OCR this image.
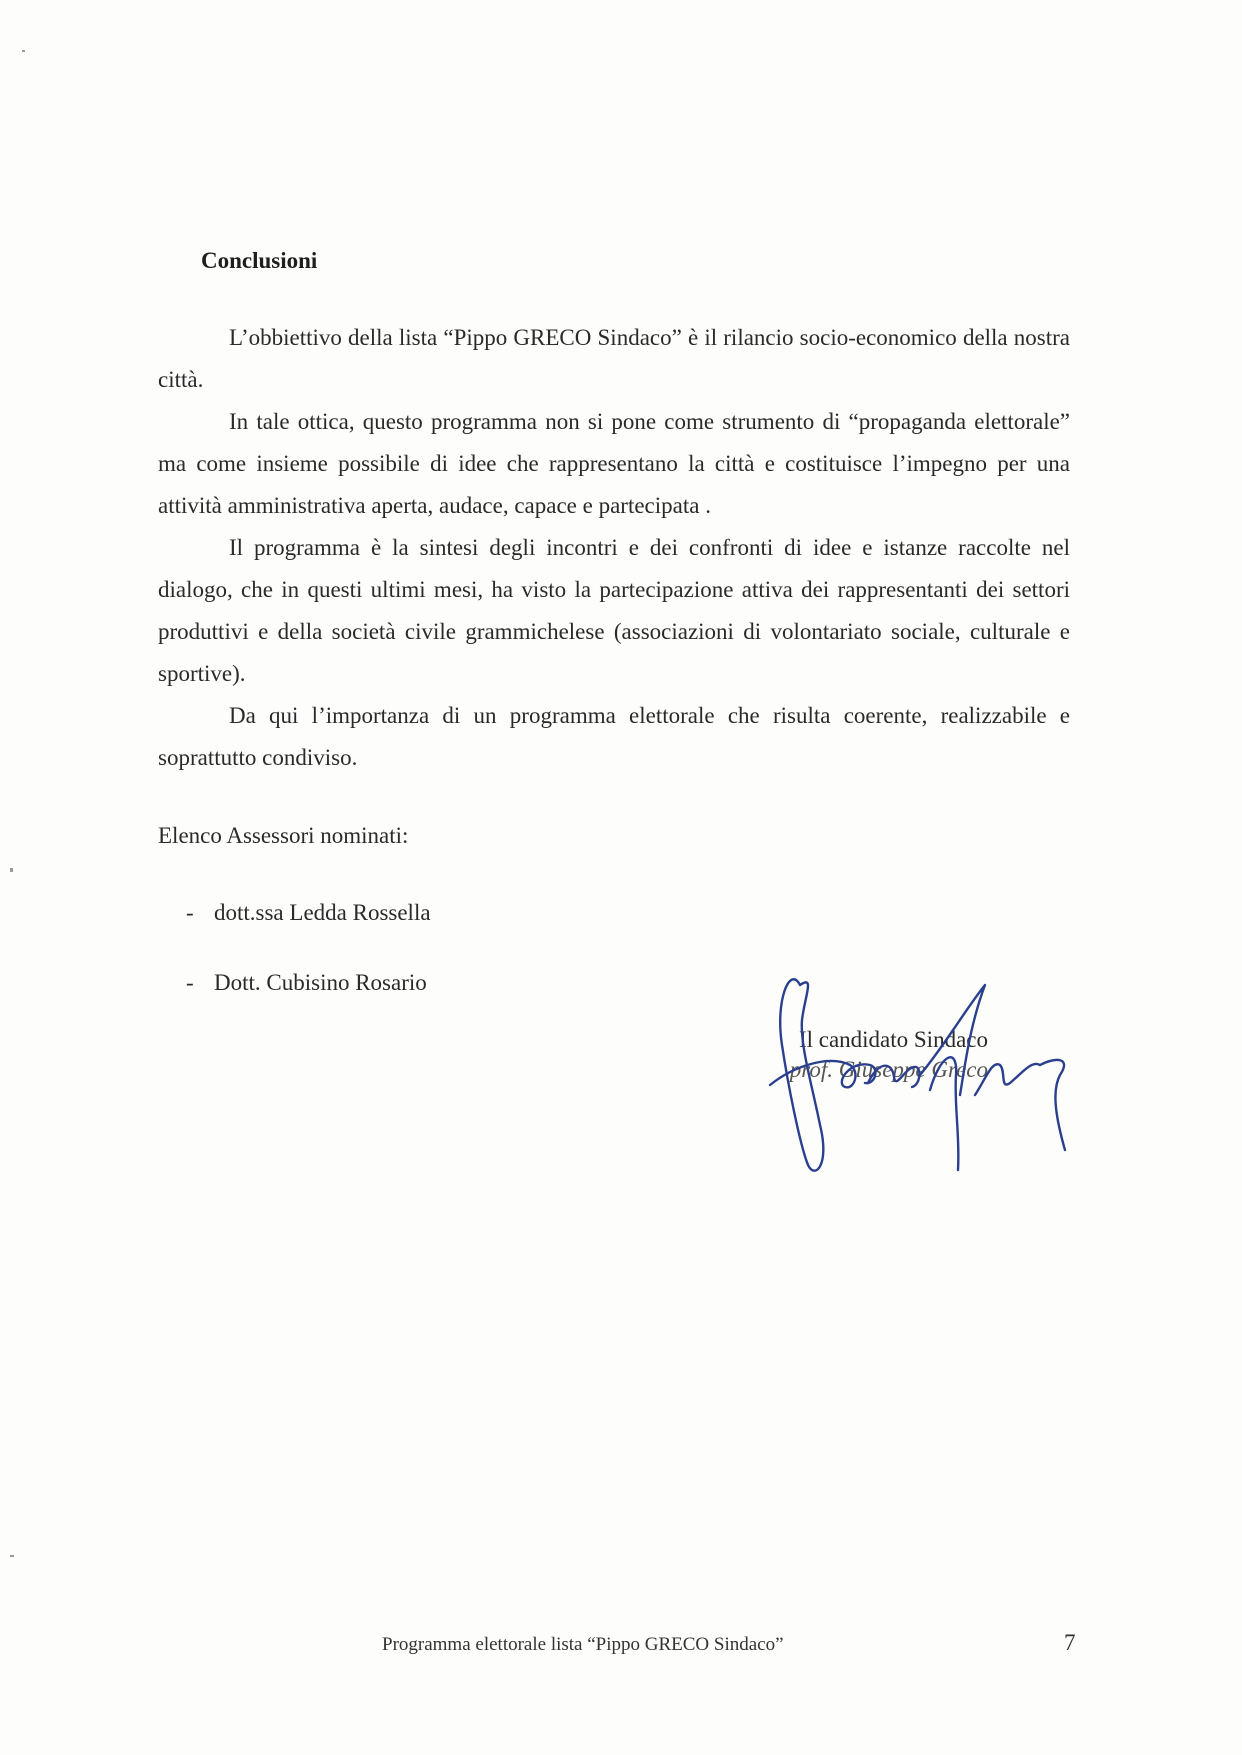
Conclusioni

L’obbiettivo della lista “Pippo GRECO Sindaco” è il rilancio socio-economico della nostra città.

In tale ottica, questo programma non si pone come strumento di “propaganda elettorale” ma come insieme possibile di idee che rappresentano la città e costituisce l’impegno per una attività amministrativa aperta, audace, capace e partecipata .

Il programma è la sintesi degli incontri e dei confronti di idee e istanze raccolte nel dialogo, che in questi ultimi mesi, ha visto la partecipazione attiva dei rappresentanti dei settori produttivi e della società civile grammichelese (associazioni di volontariato sociale, culturale e sportive).

Da qui l’importanza di un programma elettorale che risulta coerente, realizzabile e soprattutto condiviso.

Elenco Assessori nominati:

- dott.ssa Ledda Rossella
- Dott. Cubisino Rosario
Il candidato Sindaco
prof. Giuseppe Greco

Programma elettorale lista “Pippo GRECO Sindaco”	7
